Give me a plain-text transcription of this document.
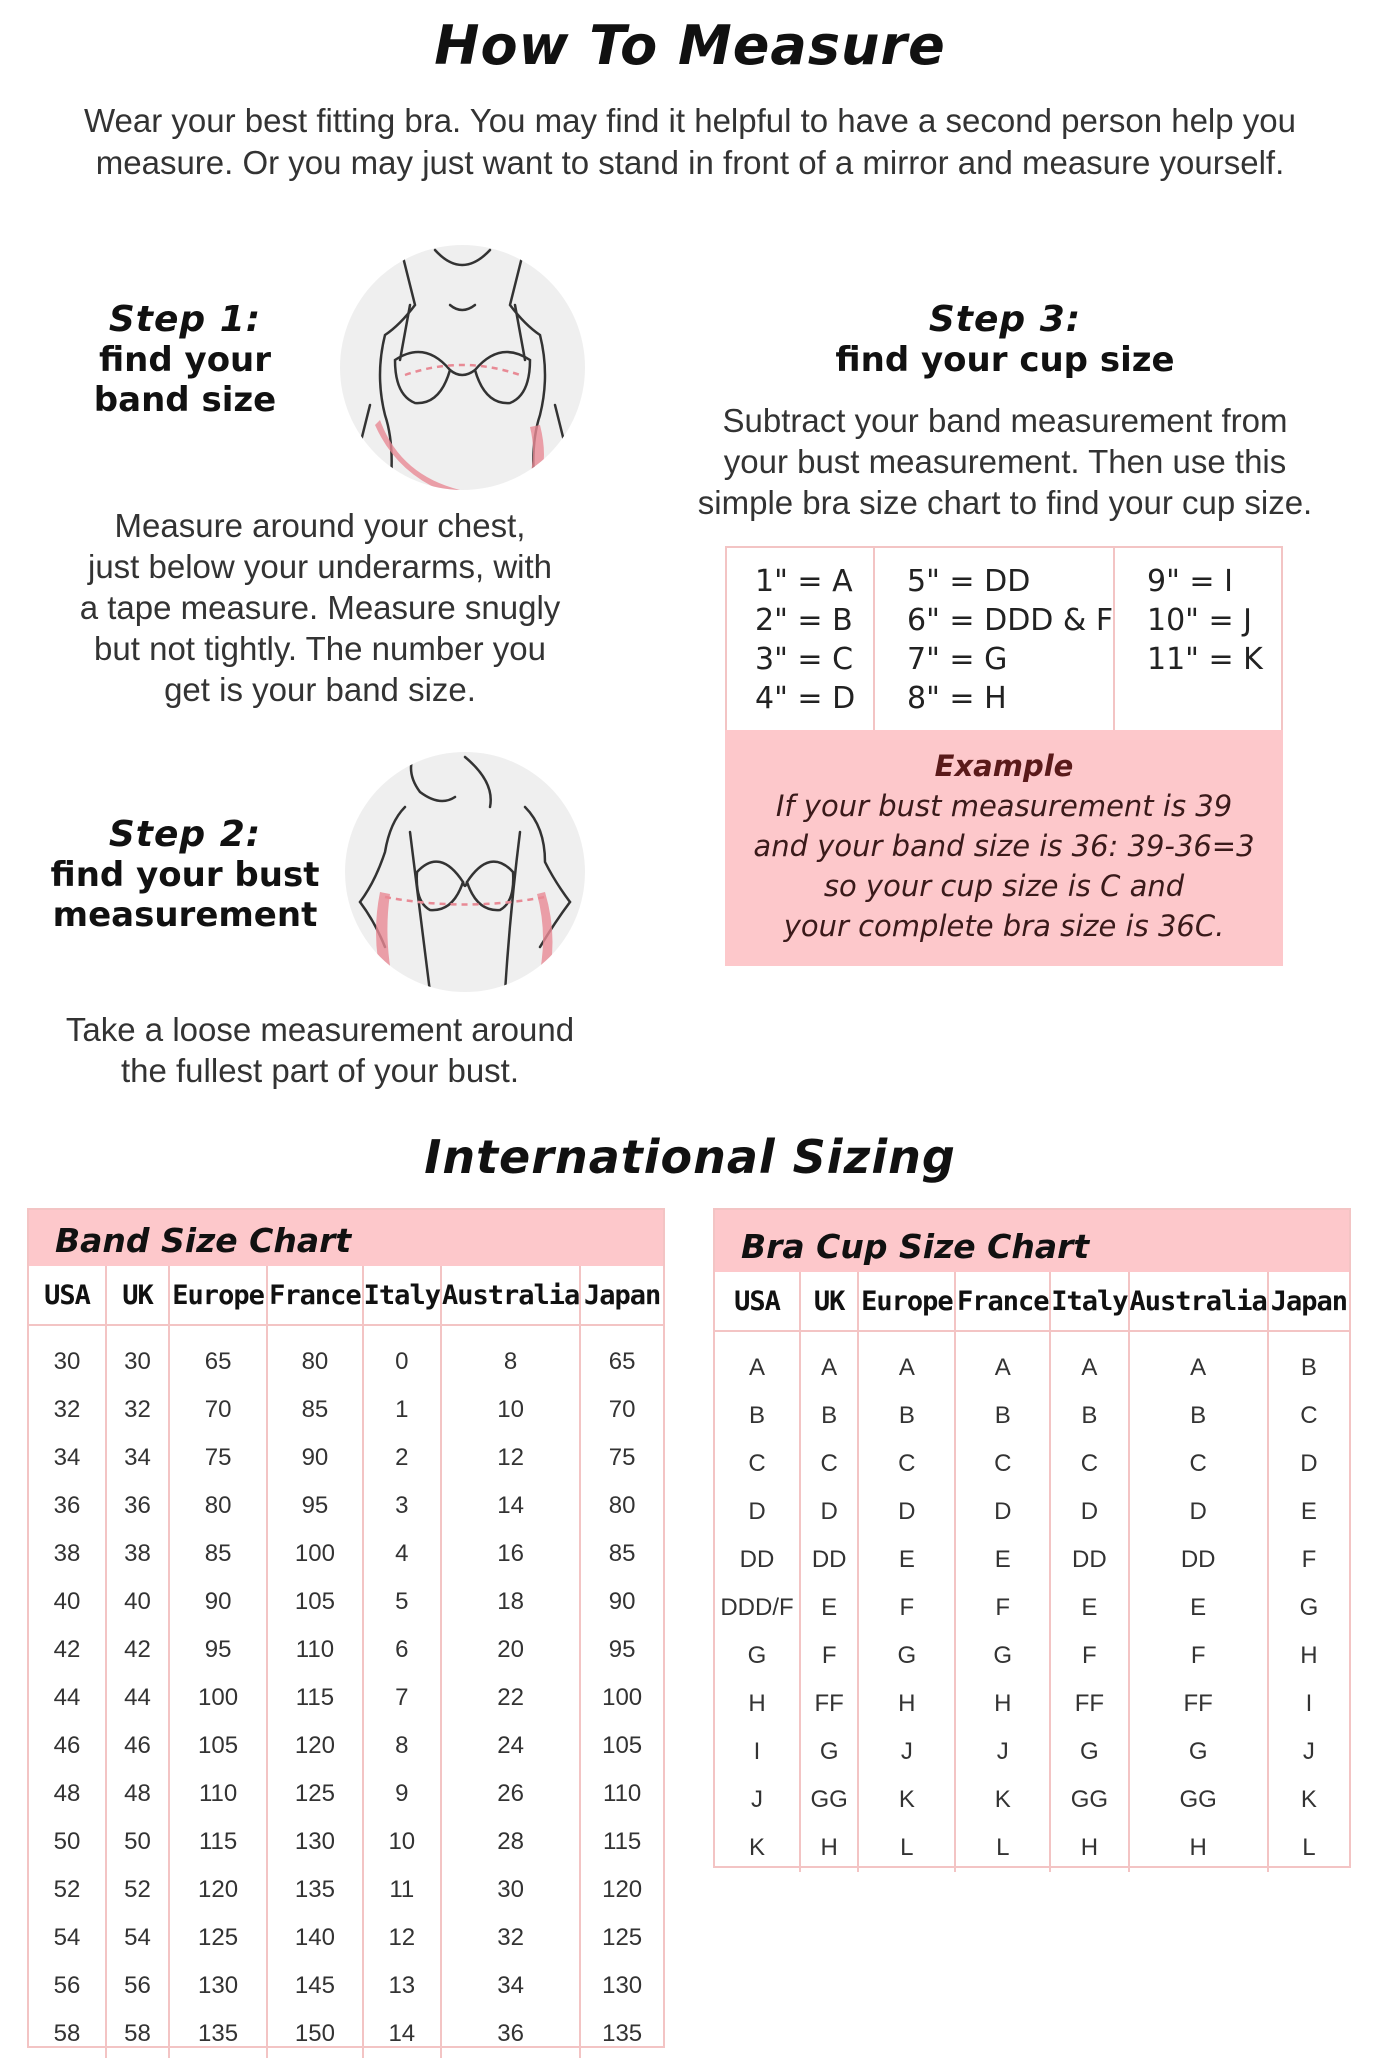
How To Measure
Wear your best fitting bra. You may find it helpful to have a second person help you
measure. Or you may just want to stand in front of a mirror and measure yourself.
Step 1:
find your
band size
Measure around your chest,
just below your underarms, with
a tape measure. Measure snugly
but not tightly. The number you
get is your band size.
Step 2:
find your bust
measurement
Take a loose measurement around
the fullest part of your bust.
Step 3:
find your cup size
Subtract your band measurement from
your bust measurement. Then use this
simple bra size chart to find your cup size.
1" = A
2" = B
3" = C
4" = D
5" = DD
6" = DDD & F
7" = G
8" = H
9" = I
10" = J
11" = K
Example
If your bust measurement is 39
and your band size is 36: 39-36=3
so your cup size is C and
your complete bra size is 36C.
International Sizing
Band Size Chart
USA	UK	Europe	France	Italy	Australia	Japan

30	30	65	80	0	8	65
32	32	70	85	1	10	70
34	34	75	90	2	12	75
36	36	80	95	3	14	80
38	38	85	100	4	16	85
40	40	90	105	5	18	90
42	42	95	110	6	20	95
44	44	100	115	7	22	100
46	46	105	120	8	24	105
48	48	110	125	9	26	110
50	50	115	130	10	28	115
52	52	120	135	11	30	120
54	54	125	140	12	32	125
56	56	130	145	13	34	130
58	58	135	150	14	36	135
Bra Cup Size Chart
USA	UK	Europe	France	Italy	Australia	Japan

A	A	A	A	A	A	B
B	B	B	B	B	B	C
C	C	C	C	C	C	D
D	D	D	D	D	D	E
DD	DD	E	E	DD	DD	F
DDD/F	E	F	F	E	E	G
G	F	G	G	F	F	H
H	FF	H	H	FF	FF	I
I	G	J	J	G	G	J
J	GG	K	K	GG	GG	K
K	H	L	L	H	H	L
